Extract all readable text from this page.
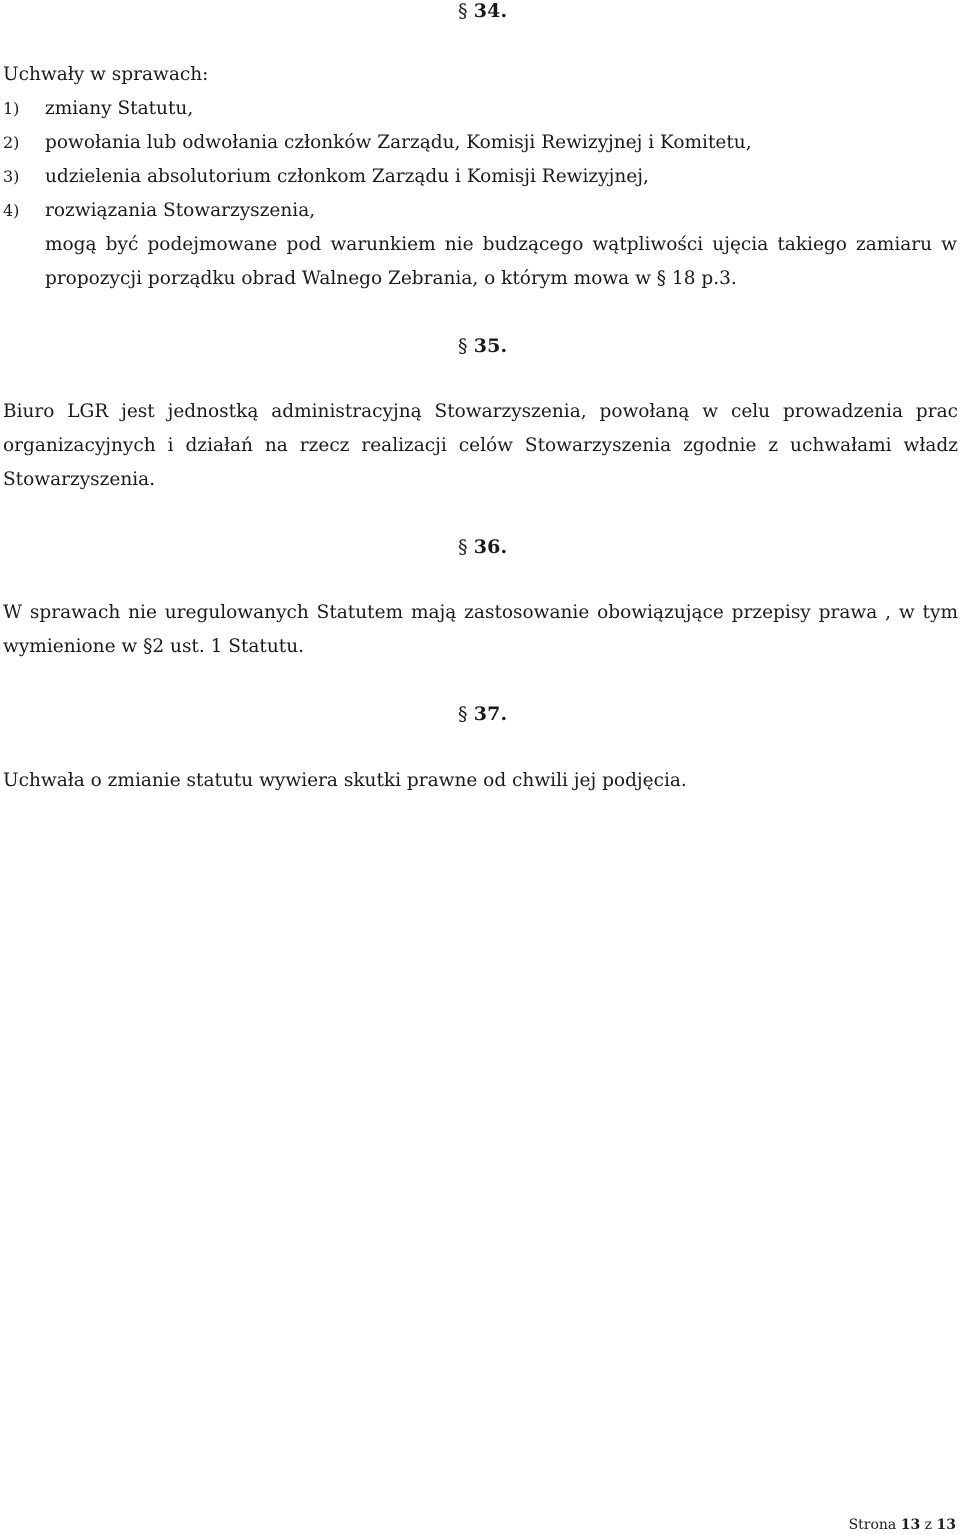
§ 34.
Uchwały w sprawach:
1) zmiany Statutu,
2) powołania lub odwołania członków Zarządu, Komisji Rewizyjnej i Komitetu,
3) udzielenia absolutorium członkom Zarządu i Komisji Rewizyjnej,
4) rozwiązania Stowarzyszenia,
mogą być podejmowane pod warunkiem nie budzącego wątpliwości ujęcia takiego zamiaru w propozycji porządku obrad Walnego Zebrania, o którym mowa w § 18 p.3.
§ 35.
Biuro LGR jest jednostką administracyjną Stowarzyszenia, powołaną w celu prowadzenia prac organizacyjnych i działań na rzecz realizacji celów Stowarzyszenia zgodnie z uchwałami władz Stowarzyszenia.
§ 36.
W sprawach nie uregulowanych Statutem mają zastosowanie obowiązujące przepisy prawa , w tym wymienione w §2 ust. 1 Statutu.
§ 37.
Uchwała o zmianie statutu wywiera skutki prawne od chwili jej podjęcia.
Strona 13 z 13
